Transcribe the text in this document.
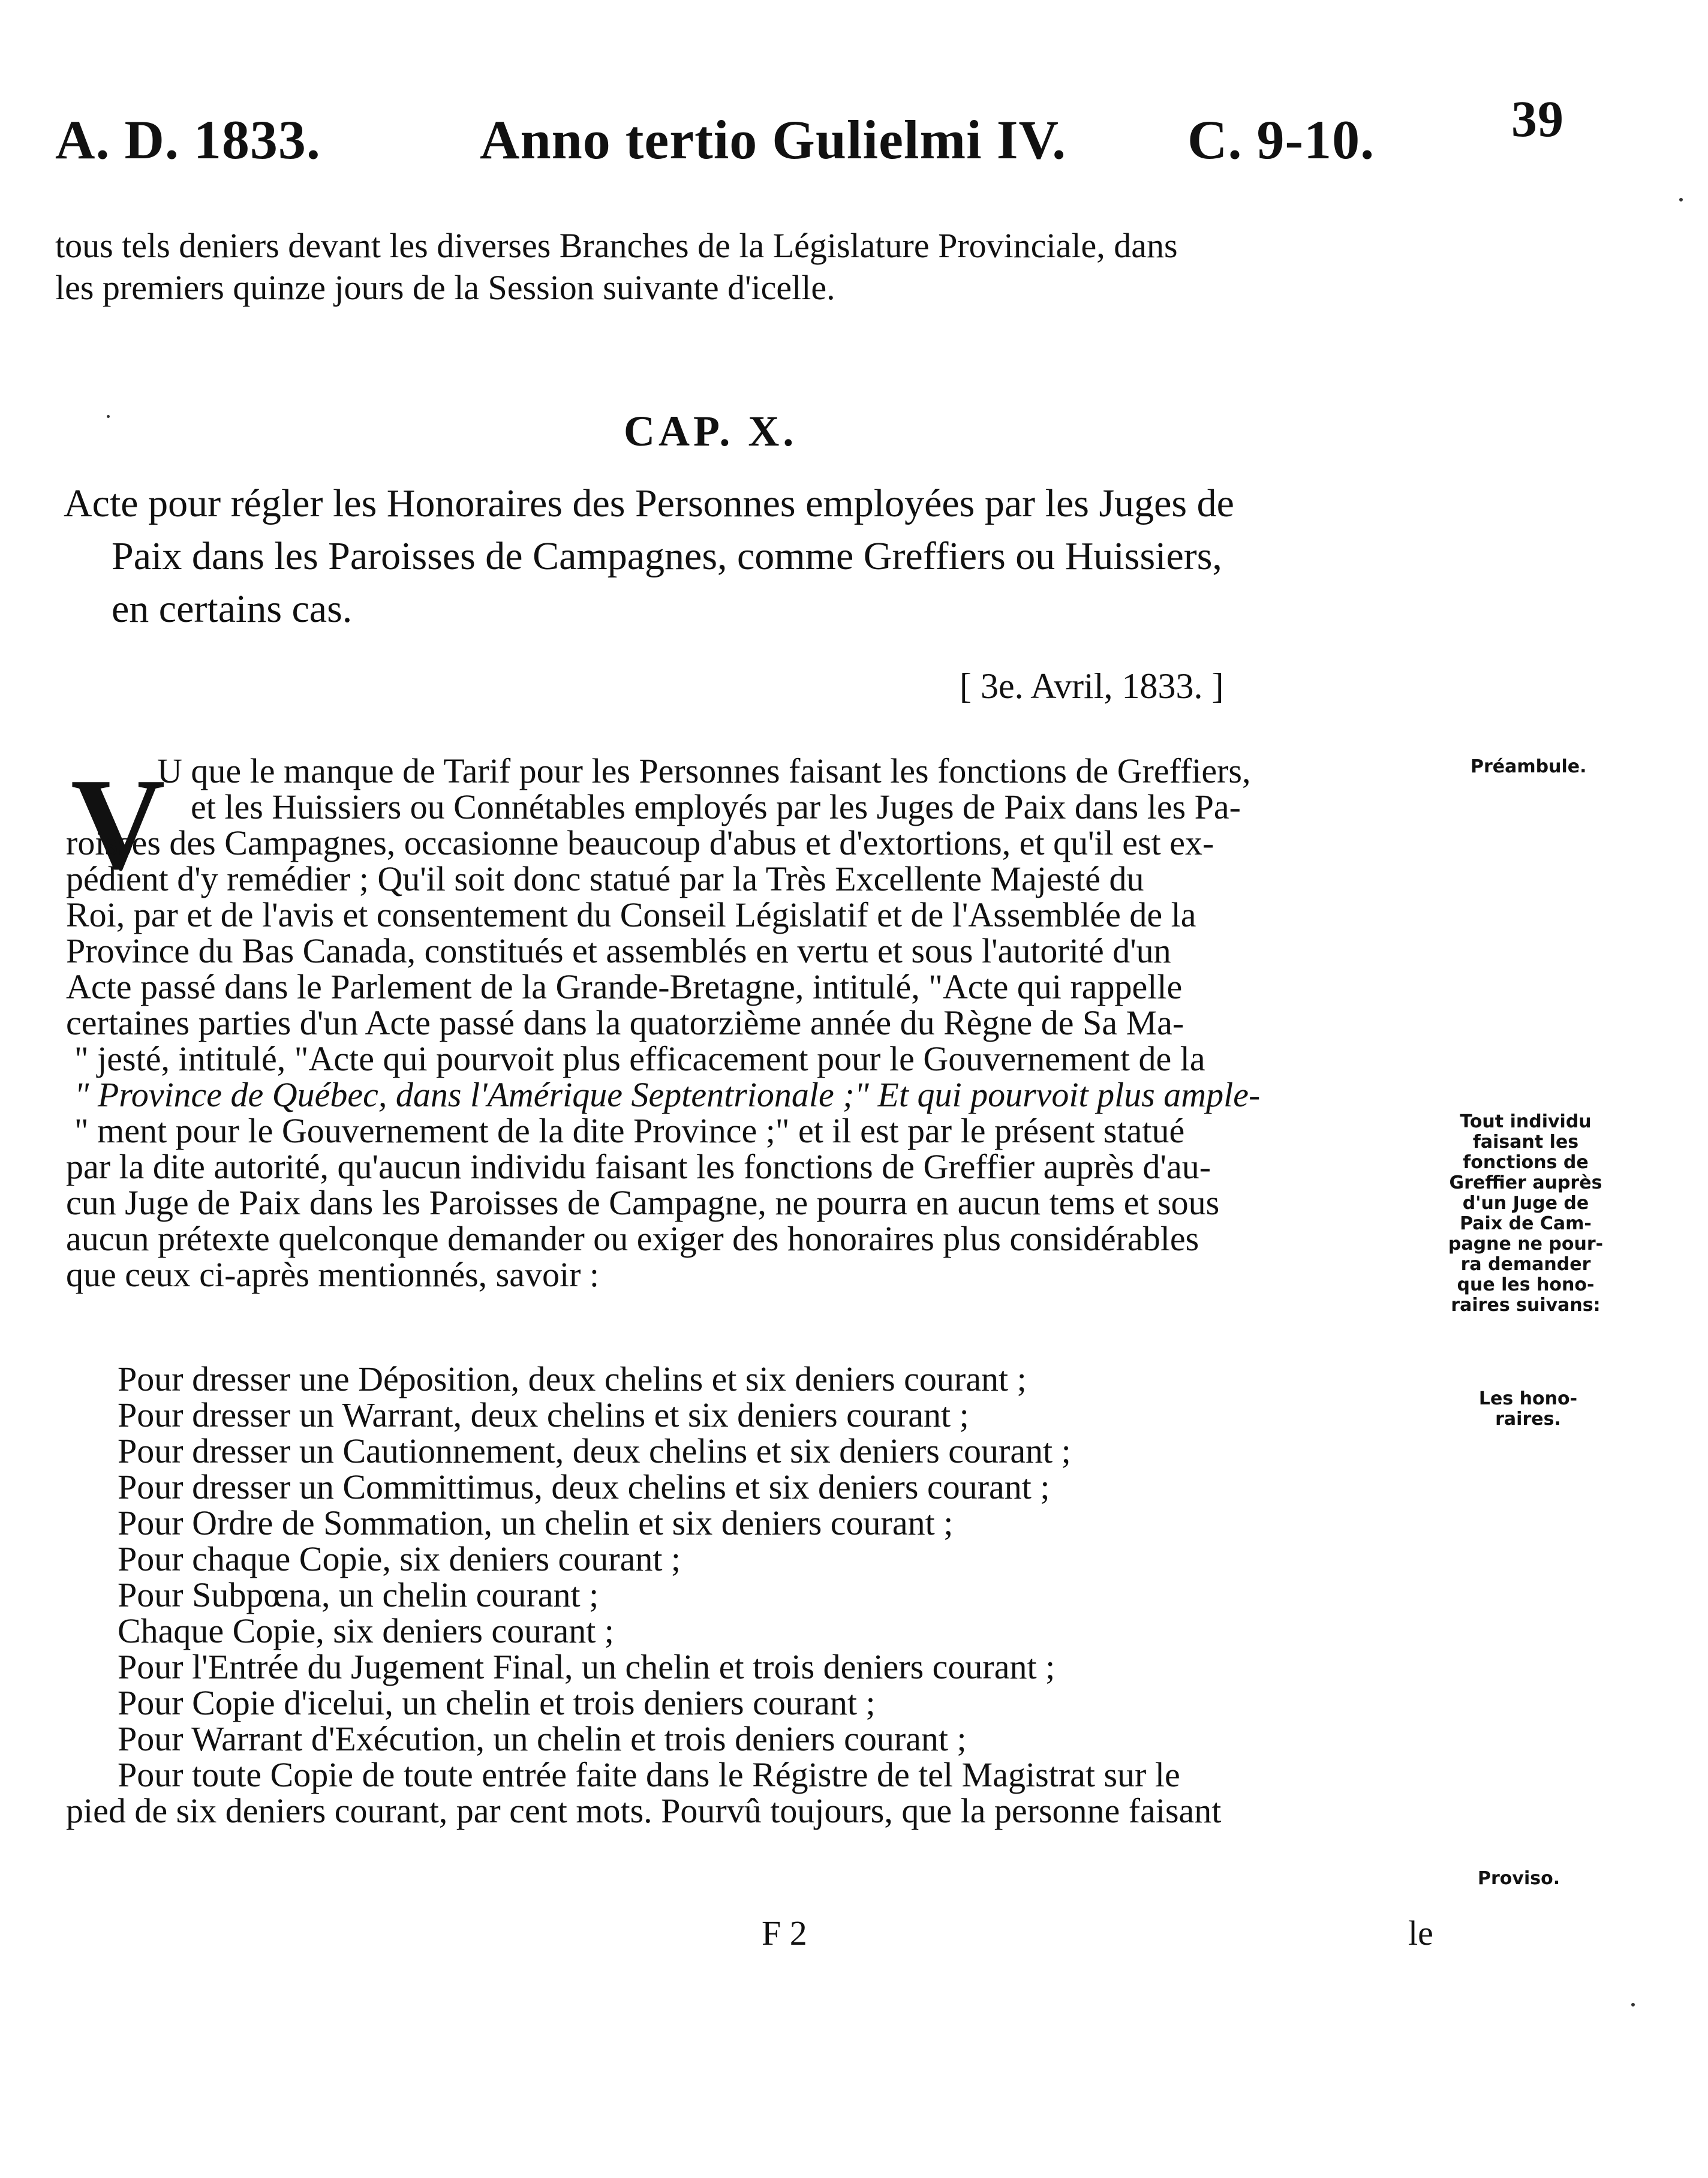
A. D. 1833.	Anno tertio Gulielmi IV. C. 9-10.	39
tous tels deniers devant les diverses Branches de la Législature Provinciale, dans
les premiers quinze jours de la Session suivante d'icelle.
CAP. X.
Acte pour régler les Honoraires des Personnes employées par les Juges de
Paix dans les Paroisses de Campagnes, comme Greffiers ou Huissiers,
en certains cas.
[ 3e. Avril, 1833. ]
V
U que le manque de Tarif pour les Personnes faisant les fonctions de Greffiers,
et les Huissiers ou Connétables employés par les Juges de Paix dans les Pa-
roisses des Campagnes, occasionne beaucoup d'abus et d'extortions, et qu'il est ex-
pédient d'y remédier ; Qu'il soit donc statué par la Très Excellente Majesté du
Roi, par et de l'avis et consentement du Conseil Législatif et de l'Assemblée de la
Province du Bas Canada, constitués et assemblés en vertu et sous l'autorité d'un
Acte passé dans le Parlement de la Grande-Bretagne, intitulé, "Acte qui rappelle
certaines parties d'un Acte passé dans la quatorzième année du Règne de Sa Ma-
" jesté, intitulé, "Acte qui pourvoit plus efficacement pour le Gouvernement de la
" Province de Québec, dans l'Amérique Septentrionale ;" Et qui pourvoit plus ample-
" ment pour le Gouvernement de la dite Province ;" et il est par le présent statué
par la dite autorité, qu'aucun individu faisant les fonctions de Greffier auprès d'au-
cun Juge de Paix dans les Paroisses de Campagne, ne pourra en aucun tems et sous
aucun prétexte quelconque demander ou exiger des honoraires plus considérables
que ceux ci-après mentionnés, savoir :
Pour dresser une Déposition, deux chelins et six deniers courant ;
Pour dresser un Warrant, deux chelins et six deniers courant ;
Pour dresser un Cautionnement, deux chelins et six deniers courant ;
Pour dresser un Committimus, deux chelins et six deniers courant ;
Pour Ordre de Sommation, un chelin et six deniers courant ;
Pour chaque Copie, six deniers courant ;
Pour Subpœna, un chelin courant ;
Chaque Copie, six deniers courant ;
Pour l'Entrée du Jugement Final, un chelin et trois deniers courant ;
Pour Copie d'icelui, un chelin et trois deniers courant ;
Pour Warrant d'Exécution, un chelin et trois deniers courant ;
Pour toute Copie de toute entrée faite dans le Régistre de tel Magistrat sur le
pied de six deniers courant, par cent mots. Pourvû toujours, que la personne faisant
Préambule.
Tout individu
faisant les
fonctions de
Greffier auprès
d'un Juge de
Paix de Cam-
pagne ne pour-
ra demander
que les hono-
raires suivans:
Les hono-
raires.
Proviso.
F 2	le
